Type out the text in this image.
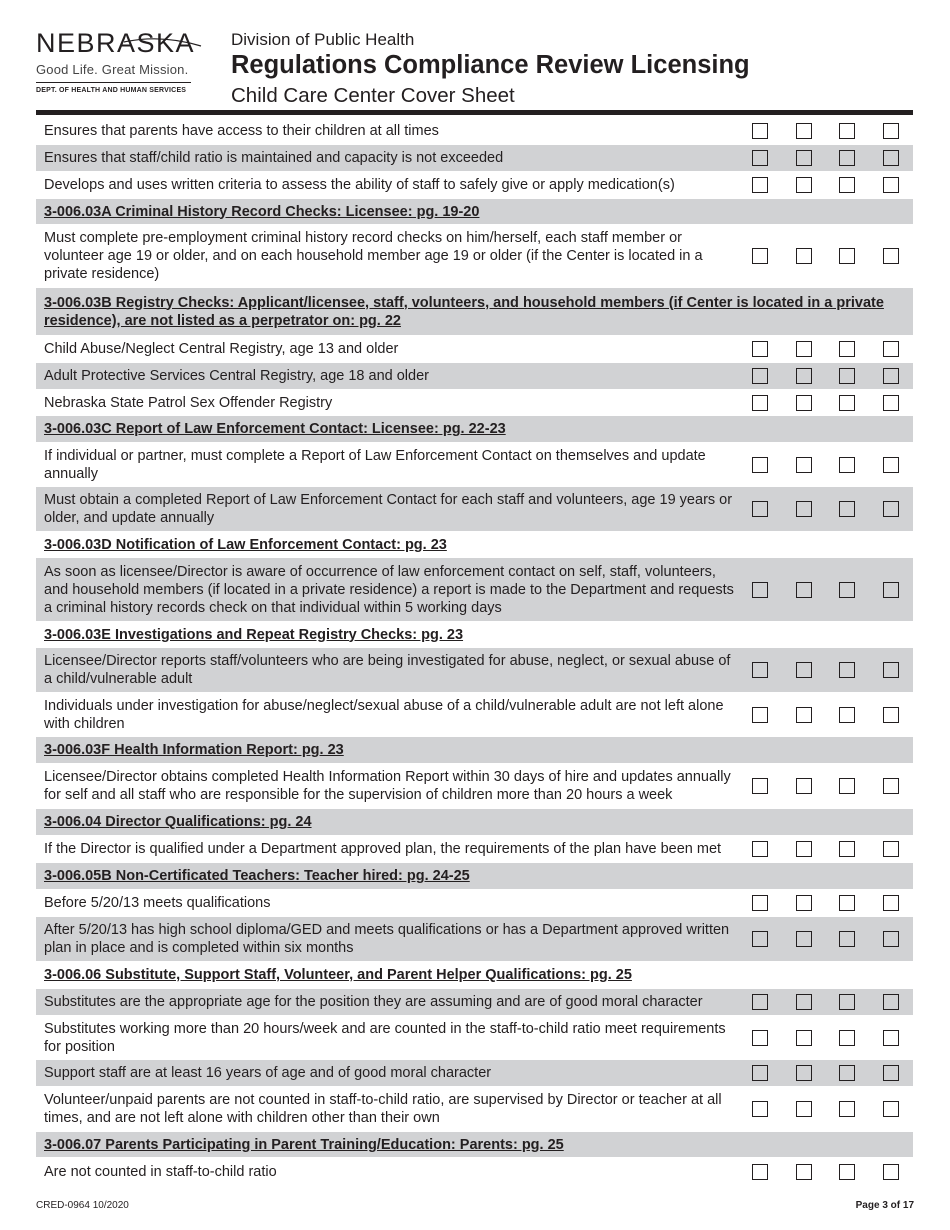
NEBRASKA
Good Life. Great Mission.
DEPT. OF HEALTH AND HUMAN SERVICES
Division of Public Health
Regulations Compliance Review Licensing
Child Care Center Cover Sheet
Ensures that parents have access to their children at all times
Ensures that staff/child ratio is maintained and capacity is not exceeded
Develops and uses written criteria to assess the ability of staff to safely give or apply medication(s)
3-006.03A Criminal History Record Checks: Licensee: pg. 19-20
Must complete pre-employment criminal history record checks on him/herself, each staff member or volunteer age 19 or older, and on each household member age 19 or older (if the Center is located in a private residence)
3-006.03B Registry Checks: Applicant/licensee, staff, volunteers, and household members (if Center is located in a private residence), are not listed as a perpetrator on: pg. 22
Child Abuse/Neglect Central Registry, age 13 and older
Adult Protective Services Central Registry, age 18 and older
Nebraska State Patrol Sex Offender Registry
3-006.03C Report of Law Enforcement Contact: Licensee: pg. 22-23
If individual or partner, must complete a Report of Law Enforcement Contact on themselves and update annually
Must obtain a completed Report of Law Enforcement Contact for each staff and volunteers, age 19 years or older, and update annually
3-006.03D Notification of Law Enforcement Contact: pg. 23
As soon as licensee/Director is aware of occurrence of law enforcement contact on self, staff, volunteers, and household members (if located in a private residence) a report is made to the Department and requests a criminal history records check on that individual within 5 working days
3-006.03E Investigations and Repeat Registry Checks: pg. 23
Licensee/Director reports staff/volunteers who are being investigated for abuse, neglect, or sexual abuse of a child/vulnerable adult
Individuals under investigation for abuse/neglect/sexual abuse of a child/vulnerable adult are not left alone with children
3-006.03F Health Information Report: pg. 23
Licensee/Director obtains completed Health Information Report within 30 days of hire and updates annually for self and all staff who are responsible for the supervision of children more than 20 hours a week
3-006.04 Director Qualifications: pg. 24
If the Director is qualified under a Department approved plan, the requirements of the plan have been met
3-006.05B Non-Certificated Teachers: Teacher hired: pg. 24-25
Before 5/20/13 meets qualifications
After 5/20/13 has high school diploma/GED and meets qualifications or has a Department approved written plan in place and is completed within six months
3-006.06 Substitute, Support Staff, Volunteer, and Parent Helper Qualifications: pg. 25
Substitutes are the appropriate age for the position they are assuming and are of good moral character
Substitutes working more than 20 hours/week and are counted in the staff-to-child ratio meet requirements for position
Support staff are at least 16 years of age and of good moral character
Volunteer/unpaid parents are not counted in staff-to-child ratio, are supervised by Director or teacher at all times, and are not left alone with children other than their own
3-006.07 Parents Participating in Parent Training/Education: Parents: pg. 25
Are not counted in staff-to-child ratio
CRED-0964 10/2020	Page 3 of 17
